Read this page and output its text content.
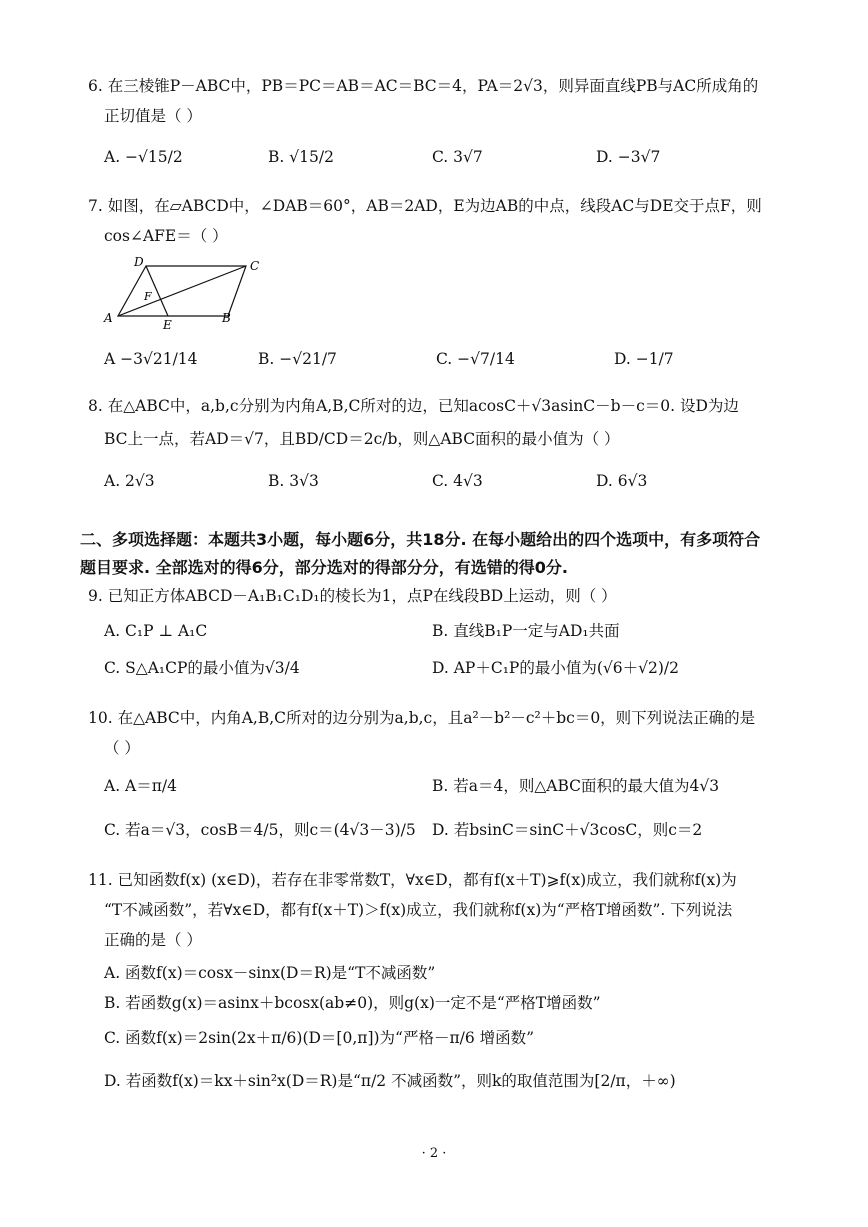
6. 在三棱锥P－ABC中，PB＝PC＝AB＝AC＝BC＝4，PA＝2√3，则异面直线PB与AC所成角的
正切值是（ ）
A. −√15/2	B. √15/2	C. 3√7	D. −3√7
7. 如图，在▱ABCD中，∠DAB＝60°，AB＝2AD，E为边AB的中点，线段AC与DE交于点F，则
cos∠AFE＝（ ）
D	C
F
A	E	B
A −3√21/14	B. −√21/7	C. −√7/14	D. −1/7
8. 在△ABC中，a,b,c分别为内角A,B,C所对的边，已知acosC＋√3asinC－b－c＝0. 设D为边
BC上一点，若AD＝√7，且BD/CD＝2c/b，则△ABC面积的最小值为（ ）
A. 2√3	B. 3√3	C. 4√3	D. 6√3
二、多项选择题：本题共3小题，每小题6分，共18分. 在每小题给出的四个选项中，有多项符合
题目要求. 全部选对的得6分，部分选对的得部分分，有选错的得0分.
9. 已知正方体ABCD－A₁B₁C₁D₁的棱长为1，点P在线段BD上运动，则（ ）
A. C₁P ⊥ A₁C	B. 直线B₁P一定与AD₁共面
C. S△A₁CP的最小值为√3/4	D. AP＋C₁P的最小值为(√6＋√2)/2
10. 在△ABC中，内角A,B,C所对的边分别为a,b,c，且a²－b²－c²＋bc＝0，则下列说法正确的是
（ ）
A. A＝π/4	B. 若a＝4，则△ABC面积的最大值为4√3
C. 若a＝√3，cosB＝4/5，则c＝(4√3－3)/5 D. 若bsinC＝sinC＋√3cosC，则c＝2
11. 已知函数f(x) (x∈D)，若存在非零常数T，∀x∈D，都有f(x＋T)⩾f(x)成立，我们就称f(x)为
“T不减函数”，若∀x∈D，都有f(x＋T)＞f(x)成立，我们就称f(x)为“严格T增函数”. 下列说法
正确的是（ ）
A. 函数f(x)＝cosx－sinx(D＝R)是“T不减函数”
B. 若函数g(x)＝asinx＋bcosx(ab≠0)，则g(x)一定不是“严格T增函数”
C. 函数f(x)＝2sin(2x＋π/6)(D＝[0,π])为“严格－π/6 增函数”
D. 若函数f(x)＝kx＋sin²x(D＝R)是“π/2 不减函数”，则k的取值范围为[2/π，＋∞)
· 2 ·
